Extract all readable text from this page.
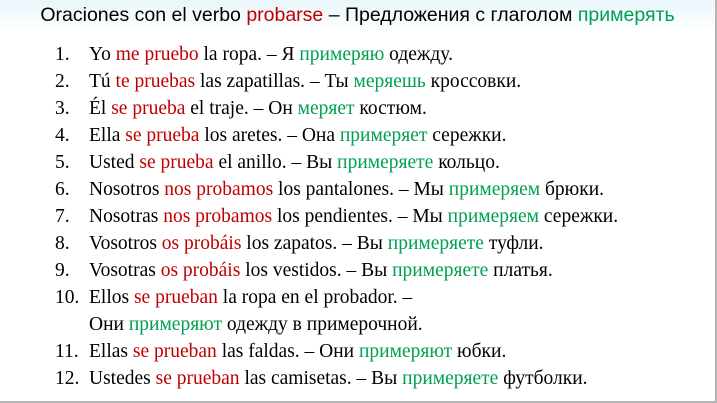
Oraciones con el verbo probarse – Предложения с глаголом примерять
1. Yo me pruebo la ropa. – Я примеряю одежду.
2. Tú te pruebas las zapatillas. – Ты меряешь кроссовки.
3. Él se prueba el traje. – Он меряет костюм.
4. Ella se prueba los aretes. – Она примеряет сережки.
5. Usted se prueba el anillo. – Вы примеряете кольцо.
6. Nosotros nos probamos los pantalones. – Мы примеряем брюки.
7. Nosotras nos probamos los pendientes. – Мы примеряем сережки.
8. Vosotros os probáis los zapatos. – Вы примеряете туфли.
9. Vosotras os probáis los vestidos. – Вы примеряете платья.
10. Ellos se prueban la ropa en el probador. –
Они примеряют одежду в примерочной.
11. Ellas se prueban las faldas. – Они примеряют юбки.
12. Ustedes se prueban las camisetas. – Вы примеряете футболки.
